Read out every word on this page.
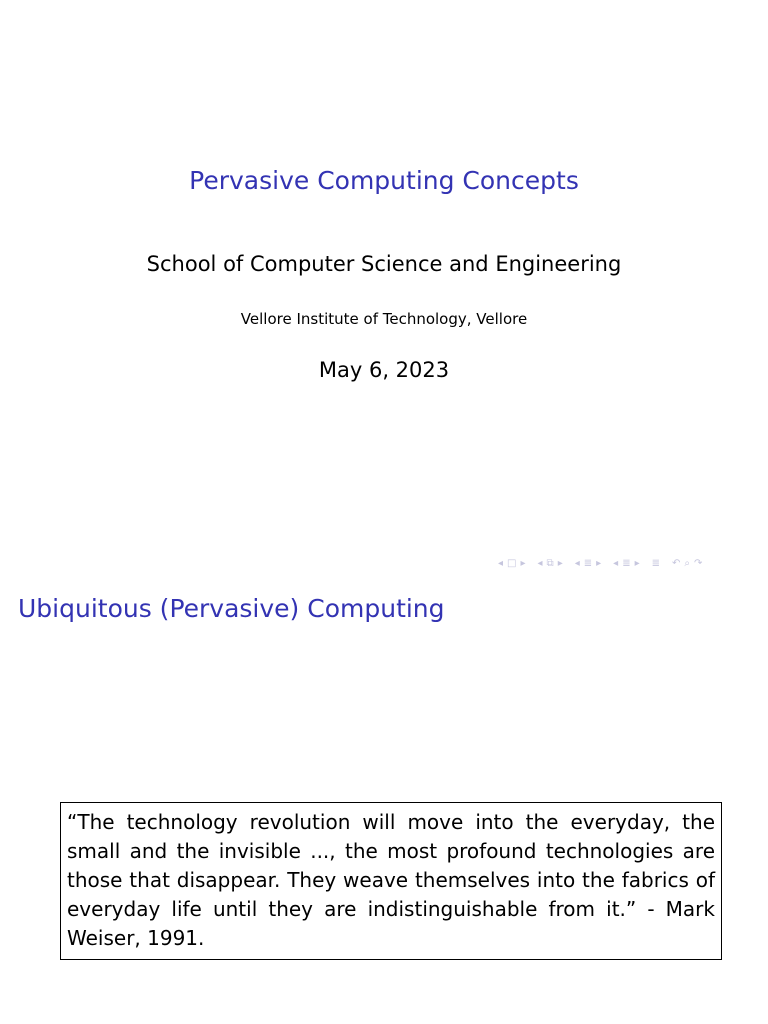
Pervasive Computing Concepts
School of Computer Science and Engineering
Vellore Institute of Technology, Vellore
May 6, 2023
◂ □ ▸ ◂ ⧉ ▸ ◂ ≣ ▸ ◂ ≣ ▸ ≣ ↶ ⌕ ↷
Ubiquitous (Pervasive) Computing
“The technology revolution will move into the everyday, the small and the invisible ..., the most profound technologies are those that disappear. They weave themselves into the fabrics of everyday life until they are indistinguishable from it.” - Mark Weiser, 1991.
